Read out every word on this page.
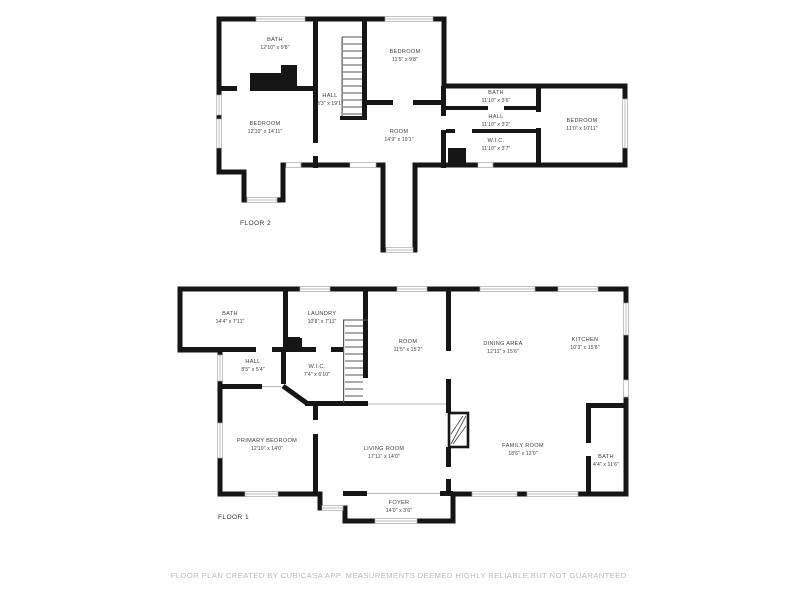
BATH
12'10" x 9'8"
BEDROOM
11'5" x 9'8"
HALL
3'3" x 19'1"
BEDROOM
12'10" x 14'11"	ROOM
14'9" x 19'1"
BATH
11'10" x 3'6"
HALL
11'10" x 3'2"
W.I.C.
11'10" x 3'7"
BEDROOM
11'0" x 10'11"
FLOOR 2
BATH
14'4" x 7'11"
LAUNDRY
10'8" x 7'11"
HALL
8'5" x 5'4"	W.I.C.
7'4" x 6'10"
ROOM
11'5" x 15'2"
DINING AREA
12'11" x 15'6"
KITCHEN
10'3" x 15'8"
PRIMARY BEDROOM
12'10" x 14'0"	LIVING ROOM
17'11" x 14'0"
FAMILY ROOM
18'6" x 12'0"
BATH
4'4" x 11'6"
FOYER
14'0" x 3'6"
FLOOR 1
FLOOR PLAN CREATED BY CUBICASA APP. MEASUREMENTS DEEMED HIGHLY RELIABLE BUT NOT GUARANTEED.
